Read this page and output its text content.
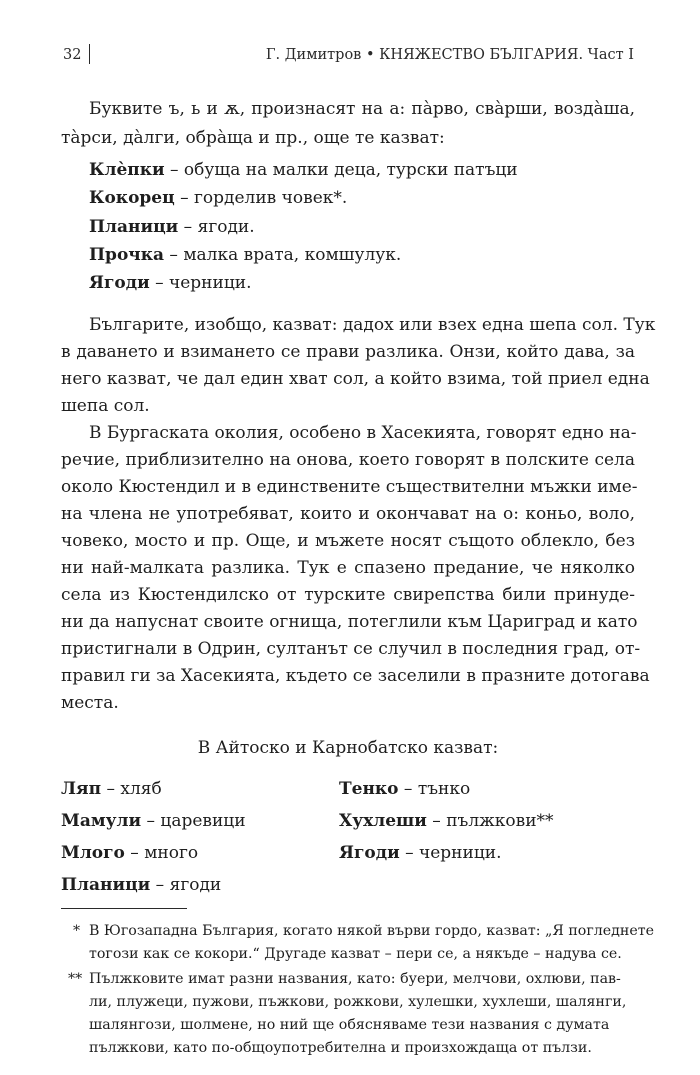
32	Г. Димитров • КНЯЖЕСТВО БЪЛГАРИЯ. Част I
Буквите ъ, ь и ѫ, произнасят на а: пàрво, свàрши, воздàша,
тàрси, дàлги, обрàща и пр., още те казват:
Клѐпки – обуща на малки деца, турски патъци
Кокорец – горделив човек*.
Планици – ягоди.
Прочка – малка врата, комшулук.
Ягоди – черници.
Българите, изобщо, казват: дадох или взех една шепа сол. Тук
в даването и взимането се прави разлика. Онзи, който дава, за
него казват, че дал един хват сол, а който взима, той приел една
шепа сол.
В Бургаската околия, особено в Хасекията, говорят едно на-
речие, приблизително на онова, което говорят в полските села
около Кюстендил и в единствените съществителни мъжки име-
на члена не употребяват, които и окончават на о: коньо, воло,
човеко, мосто и пр. Още, и мъжете носят същото облекло, без
ни най-малката разлика. Тук е спазено предание, че няколко
села из Кюстендилско от турските свирепства били принуде-
ни да напуснат своите огнища, потеглили към Цариград и като
пристигнали в Одрин, султанът се случил в последния град, от-
правил ги за Хасекията, където се заселили в празните дотогава
места.
В Айтоско и Карнобатско казват:
Ляп – хляб
Мамули – царевици
Млого – много
Планици – ягоди
Тенко – тънко
Хухлеши – пължкови**
Ягоди – черници.
* В Югозападна България, когато някой върви гордо, казват: „Я погледнете
тогози как се кокори.“ Другаде казват – пери се, а някъде – надува се.
** Пължковите имат разни названия, като: буери, мелчови, охлюви, пав-
ли, плужеци, пужови, пъжкови, рожкови, хулешки, хухлеши, шалянги,
шалянгози, шолмене, но ний ще обясняваме тези названия с думата
пължкови, като по-общоупотребителна и произхождаща от пълзи.
